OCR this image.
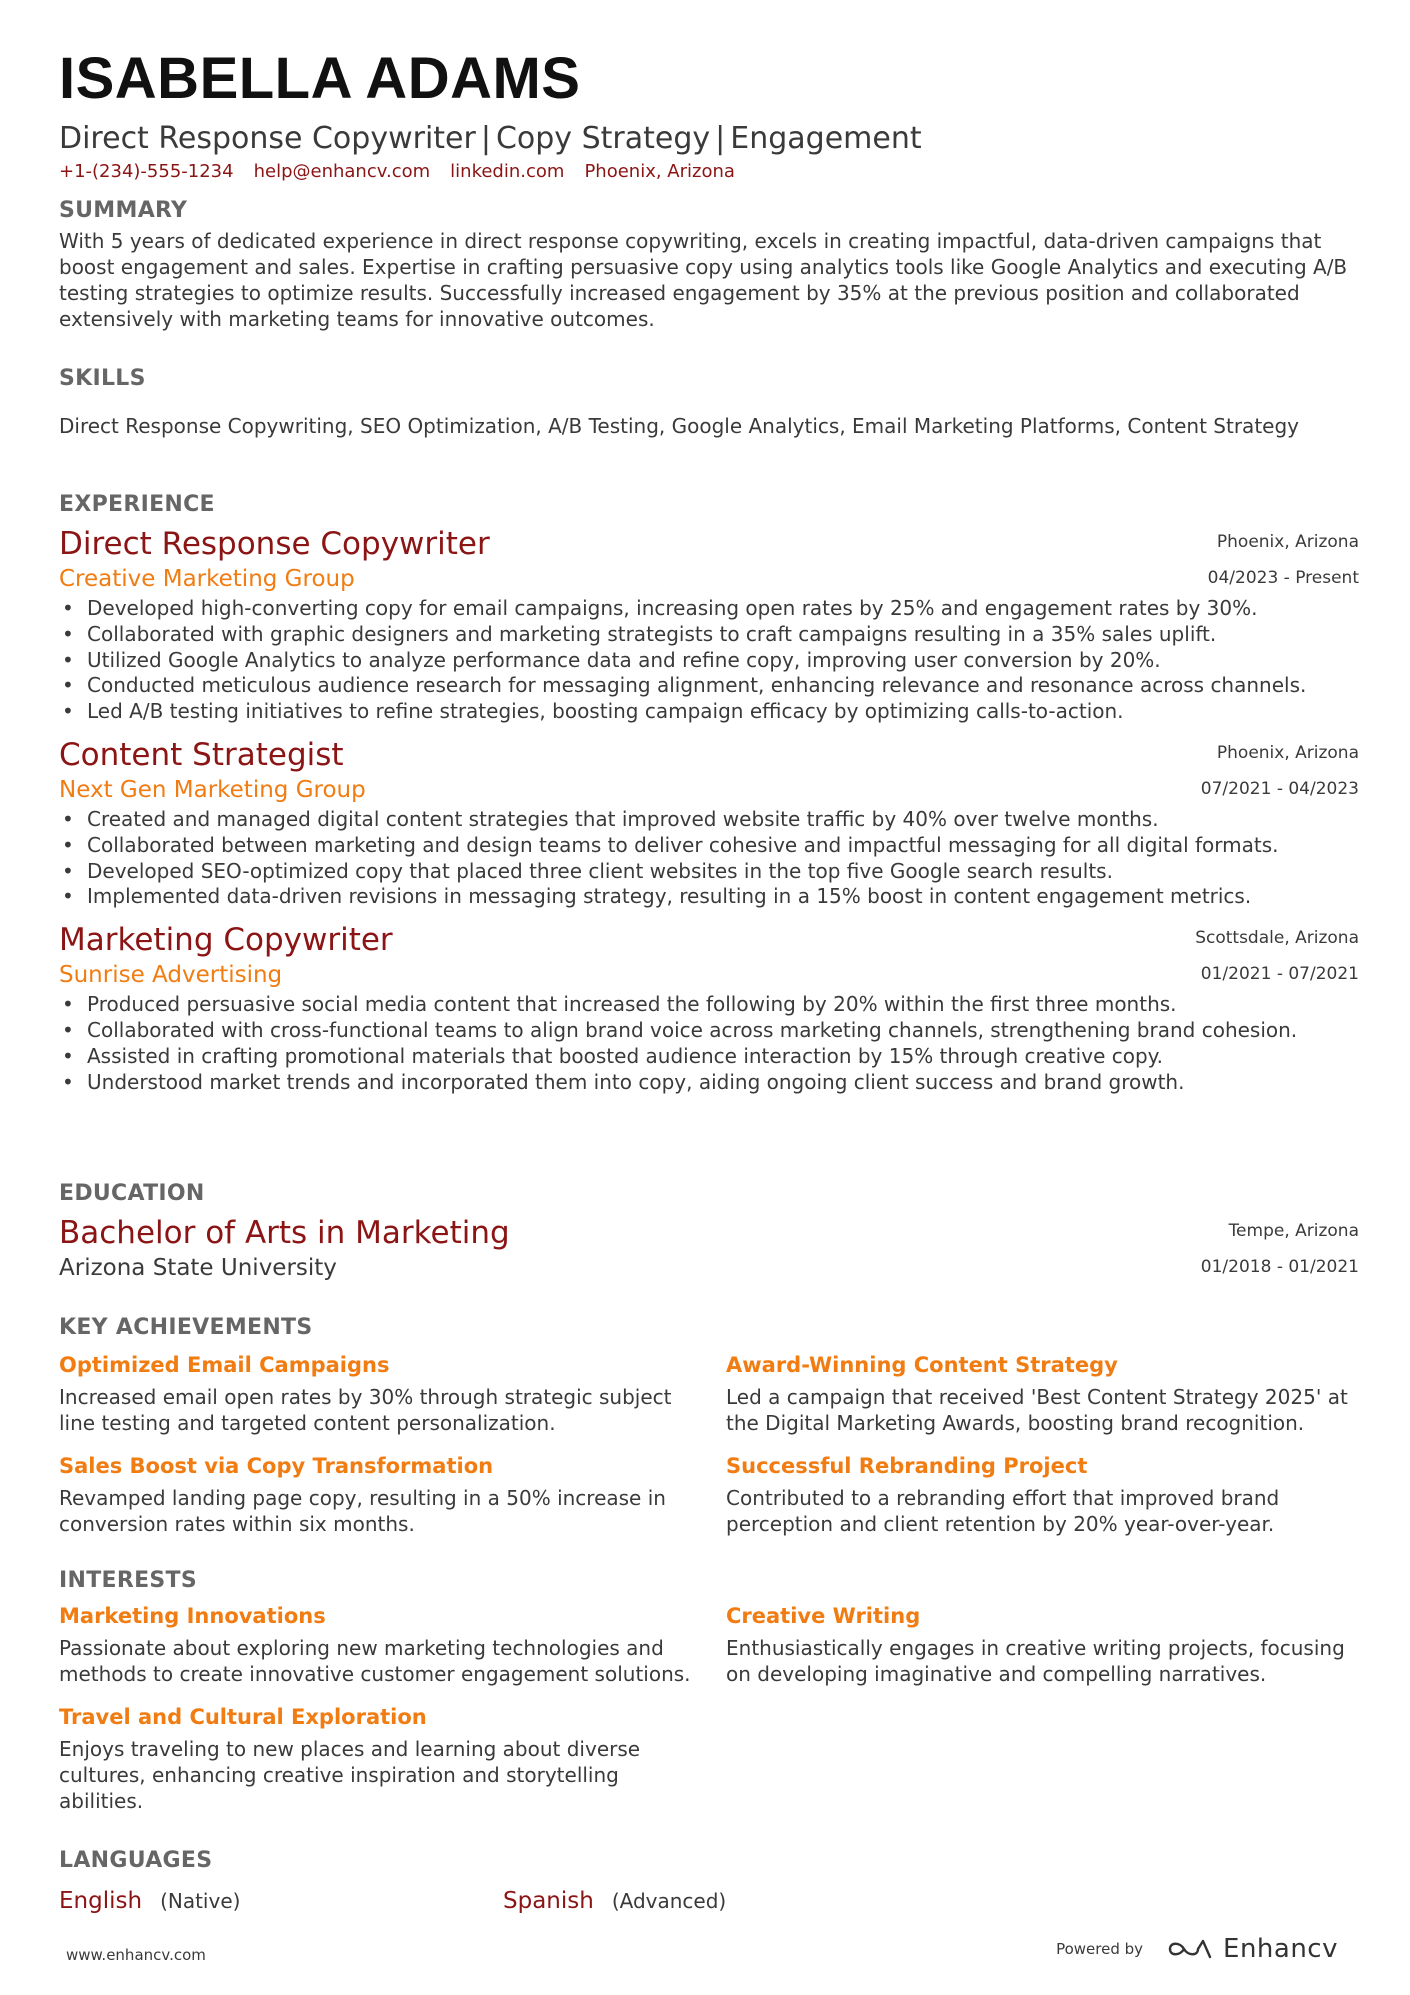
ISABELLA ADAMS
Direct Response Copywriter | Copy Strategy | Engagement
+1-(234)-555-1234 help@enhancv.com linkedin.com Phoenix, Arizona
SUMMARY
With 5 years of dedicated experience in direct response copywriting, excels in creating impactful, data-driven campaigns that boost engagement and sales. Expertise in crafting persuasive copy using analytics tools like Google Analytics and executing A/B testing strategies to optimize results. Successfully increased engagement by 35% at the previous position and collaborated extensively with marketing teams for innovative outcomes.
SKILLS
Direct Response Copywriting, SEO Optimization, A/B Testing, Google Analytics, Email Marketing Platforms, Content Strategy
EXPERIENCE
Direct Response Copywriter
Creative Marketing Group
Phoenix, Arizona
04/2023 - Present
• Developed high-converting copy for email campaigns, increasing open rates by 25% and engagement rates by 30%.
• Collaborated with graphic designers and marketing strategists to craft campaigns resulting in a 35% sales uplift.
• Utilized Google Analytics to analyze performance data and refine copy, improving user conversion by 20%.
• Conducted meticulous audience research for messaging alignment, enhancing relevance and resonance across channels.
• Led A/B testing initiatives to refine strategies, boosting campaign efficacy by optimizing calls-to-action.
Content Strategist
Next Gen Marketing Group
Phoenix, Arizona
07/2021 - 04/2023
• Created and managed digital content strategies that improved website traffic by 40% over twelve months.
• Collaborated between marketing and design teams to deliver cohesive and impactful messaging for all digital formats.
• Developed SEO-optimized copy that placed three client websites in the top five Google search results.
• Implemented data-driven revisions in messaging strategy, resulting in a 15% boost in content engagement metrics.
Marketing Copywriter
Sunrise Advertising
Scottsdale, Arizona
01/2021 - 07/2021
• Produced persuasive social media content that increased the following by 20% within the first three months.
• Collaborated with cross-functional teams to align brand voice across marketing channels, strengthening brand cohesion.
• Assisted in crafting promotional materials that boosted audience interaction by 15% through creative copy.
• Understood market trends and incorporated them into copy, aiding ongoing client success and brand growth.
EDUCATION
Bachelor of Arts in Marketing
Arizona State University
Tempe, Arizona
01/2018 - 01/2021
KEY ACHIEVEMENTS
Optimized Email Campaigns
Increased email open rates by 30% through strategic subject line testing and targeted content personalization.
Award-Winning Content Strategy
Led a campaign that received 'Best Content Strategy 2025' at the Digital Marketing Awards, boosting brand recognition.
Sales Boost via Copy Transformation
Revamped landing page copy, resulting in a 50% increase in conversion rates within six months.
Successful Rebranding Project
Contributed to a rebranding effort that improved brand perception and client retention by 20% year-over-year.
INTERESTS
Marketing Innovations
Passionate about exploring new marketing technologies and methods to create innovative customer engagement solutions.
Creative Writing
Enthusiastically engages in creative writing projects, focusing on developing imaginative and compelling narratives.
Travel and Cultural Exploration
Enjoys traveling to new places and learning about diverse cultures, enhancing creative inspiration and storytelling abilities.
LANGUAGES
English (Native)	Spanish (Advanced)
www.enhancv.com	Powered by	Enhancv
